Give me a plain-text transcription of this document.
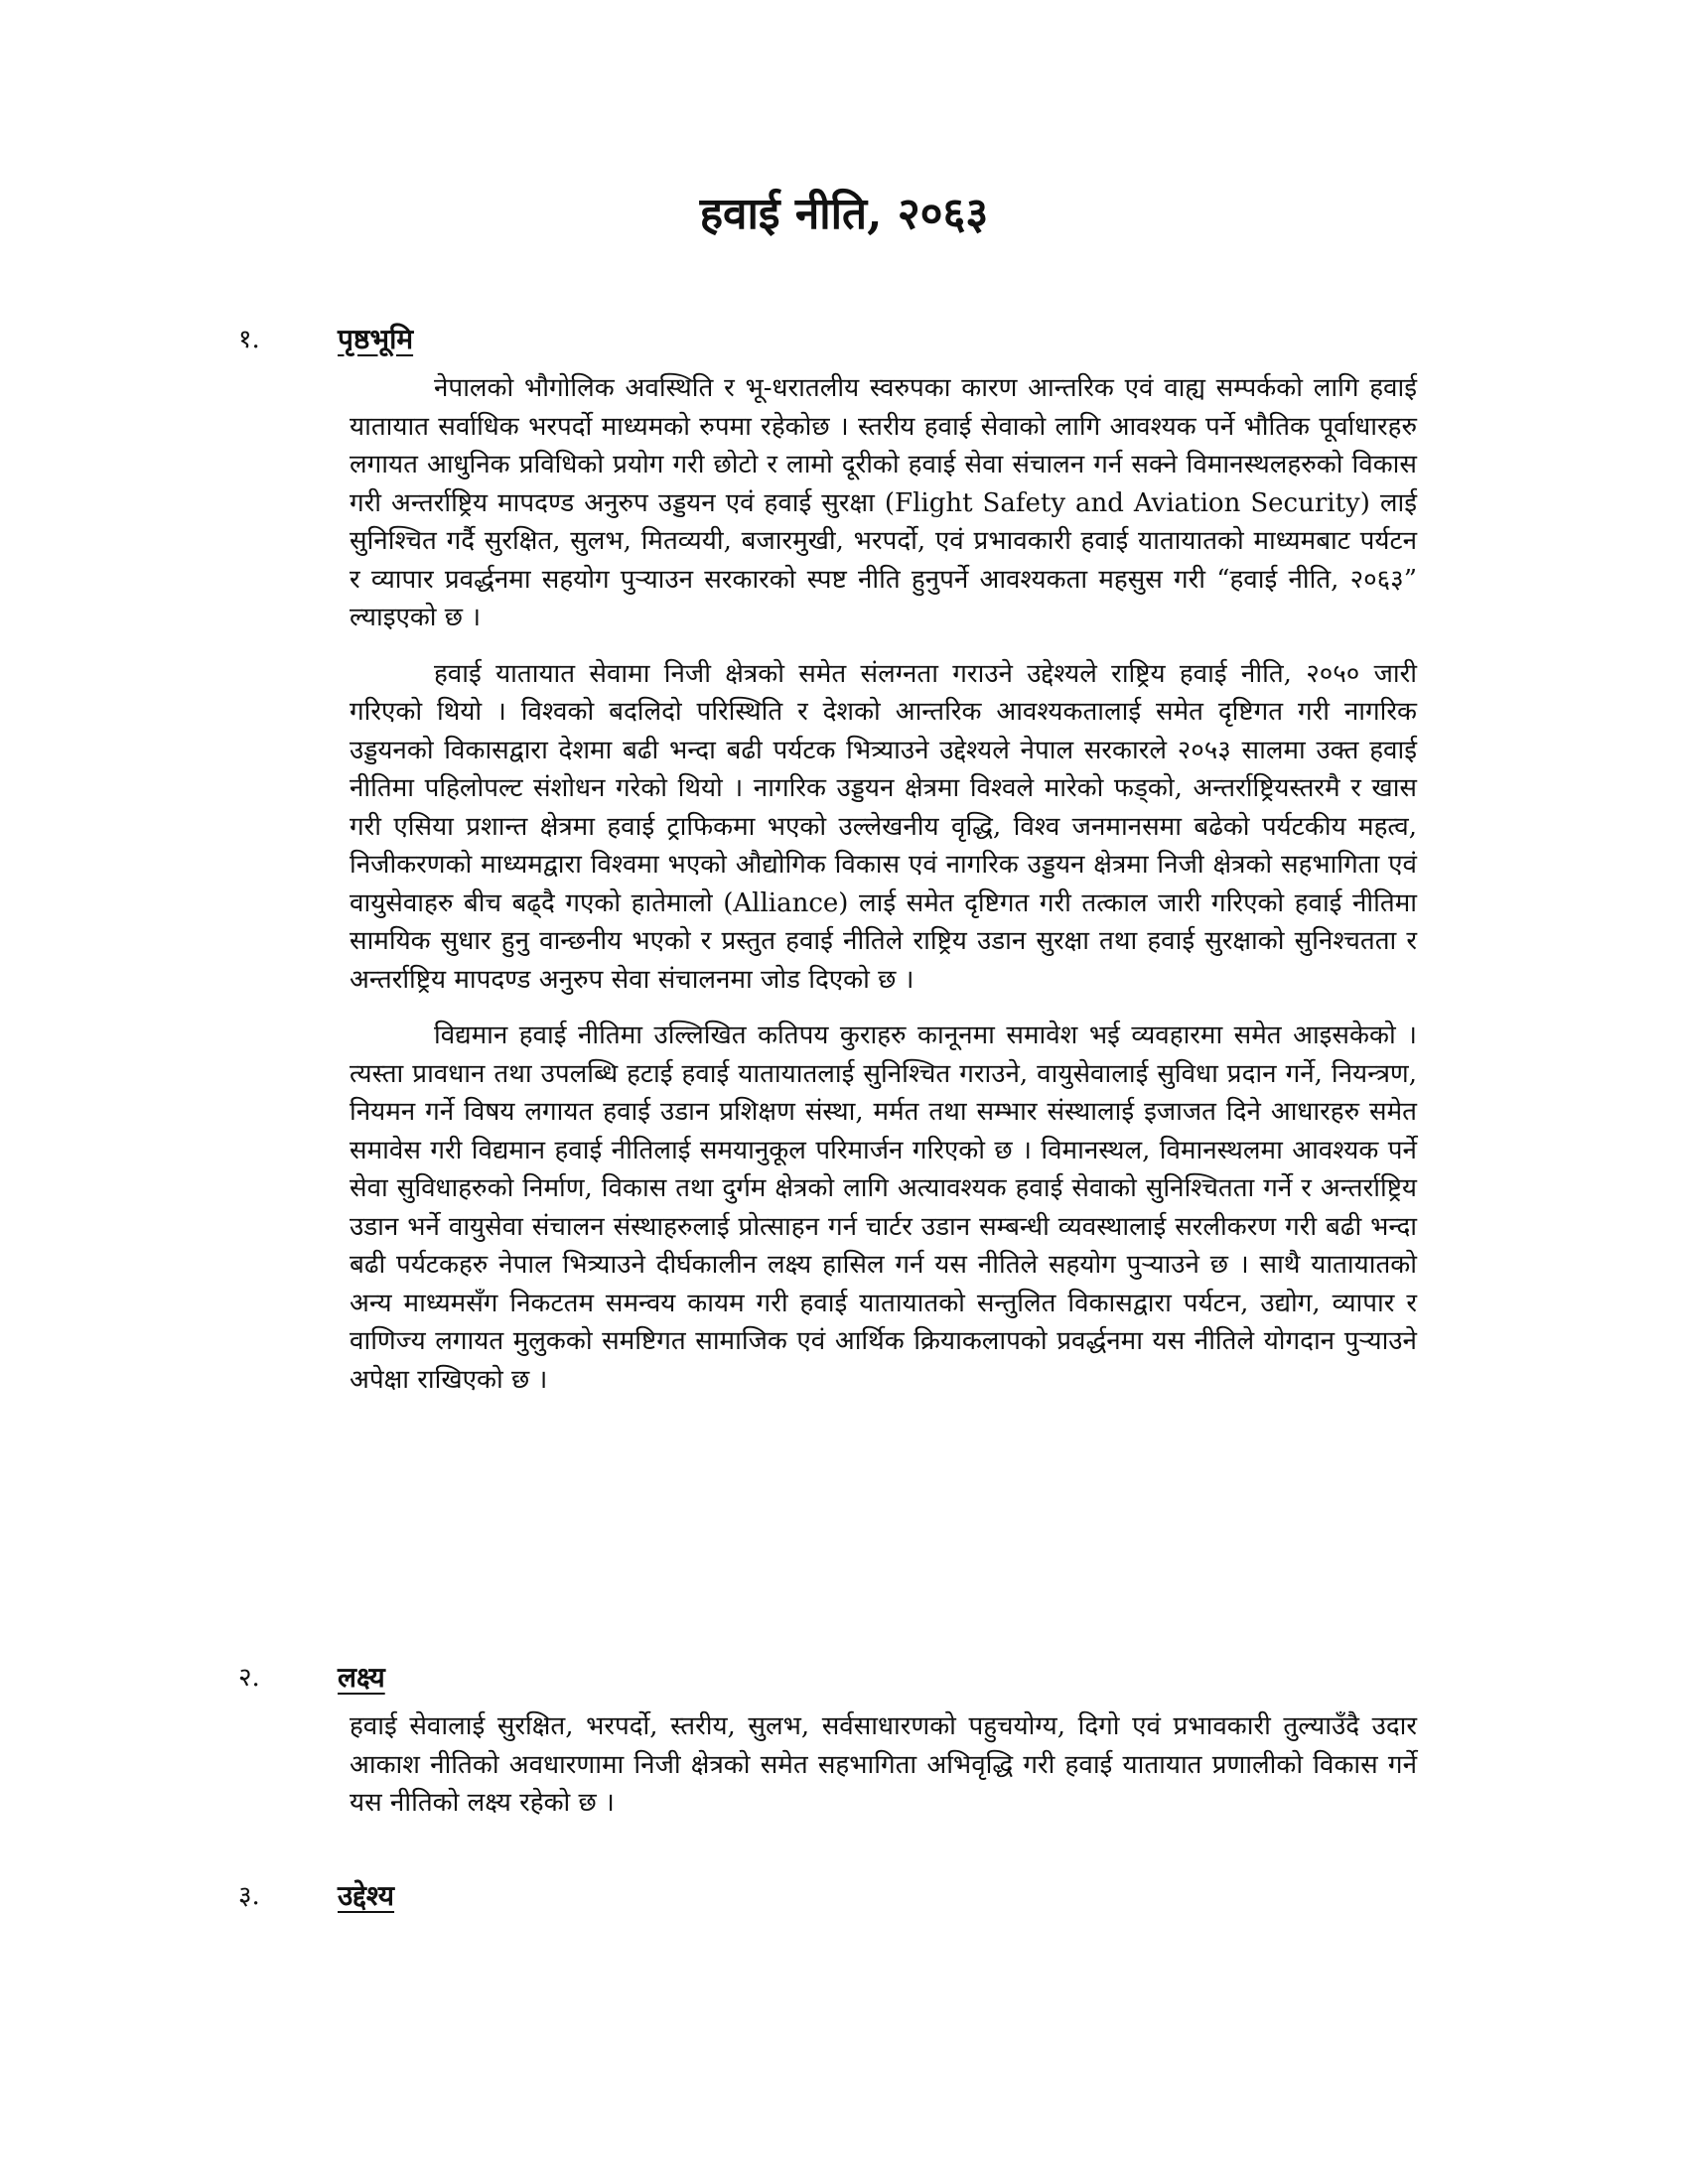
हवाई नीति, २०६३
१.	पृष्ठभूमि

नेपालको भौगोलिक अवस्थिति र भू-धरातलीय स्वरुपका कारण आन्तरिक एवं वाह्य सम्पर्कको लागि हवाई यातायात सर्वाधिक भरपर्दो माध्यमको रुपमा रहेकोछ । स्तरीय हवाई सेवाको लागि आवश्यक पर्ने भौतिक पूर्वाधारहरु लगायत आधुनिक प्रविधिको प्रयोग गरी छोटो र लामो दूरीको हवाई सेवा संचालन गर्न सक्ने विमानस्थलहरुको विकास गरी अन्तर्राष्ट्रिय मापदण्ड अनुरुप उड्डयन एवं हवाई सुरक्षा (Flight Safety and Aviation Security) लाई सुनिश्चित गर्दै सुरक्षित, सुलभ, मितव्ययी, बजारमुखी, भरपर्दो, एवं प्रभावकारी हवाई यातायातको माध्यमबाट पर्यटन र व्यापार प्रवर्द्धनमा सहयोग पुऱ्याउन सरकारको स्पष्ट नीति हुनुपर्ने आवश्यकता महसुस गरी “हवाई नीति, २०६३” ल्याइएको छ ।

हवाई यातायात सेवामा निजी क्षेत्रको समेत संलग्नता गराउने उद्देश्यले राष्ट्रिय हवाई नीति, २०५० जारी गरिएको थियो । विश्वको बदलिदो परिस्थिति र देशको आन्तरिक आवश्यकतालाई समेत दृष्टिगत गरी नागरिक उड्डयनको विकासद्वारा देशमा बढी भन्दा बढी पर्यटक भित्र्याउने उद्देश्यले नेपाल सरकारले २०५३ सालमा उक्त हवाई नीतिमा पहिलोपल्ट संशोधन गरेको थियो । नागरिक उड्डयन क्षेत्रमा विश्वले मारेको फड्को, अन्तर्राष्ट्रियस्तरमै र खास गरी एसिया प्रशान्त क्षेत्रमा हवाई ट्राफिकमा भएको उल्लेखनीय वृद्धि, विश्व जनमानसमा बढेको पर्यटकीय महत्व, निजीकरणको माध्यमद्वारा विश्वमा भएको औद्योगिक विकास एवं नागरिक उड्डयन क्षेत्रमा निजी क्षेत्रको सहभागिता एवं वायुसेवाहरु बीच बढ्दै गएको हातेमालो (Alliance) लाई समेत दृष्टिगत गरी तत्काल जारी गरिएको हवाई नीतिमा सामयिक सुधार हुनु वान्छनीय भएको र प्रस्तुत हवाई नीतिले राष्ट्रिय उडान सुरक्षा तथा हवाई सुरक्षाको सुनिश्चतता र अन्तर्राष्ट्रिय मापदण्ड अनुरुप सेवा संचालनमा जोड दिएको छ ।

विद्यमान हवाई नीतिमा उल्लिखित कतिपय कुराहरु कानूनमा समावेश भई व्यवहारमा समेत आइसकेको । त्यस्ता प्रावधान तथा उपलब्धि हटाई हवाई यातायातलाई सुनिश्चित गराउने, वायुसेवालाई सुविधा प्रदान गर्ने, नियन्त्रण, नियमन गर्ने विषय लगायत हवाई उडान प्रशिक्षण संस्था, मर्मत तथा सम्भार संस्थालाई इजाजत दिने आधारहरु समेत समावेस गरी विद्यमान हवाई नीतिलाई समयानुकूल परिमार्जन गरिएको छ । विमानस्थल, विमानस्थलमा आवश्यक पर्ने सेवा सुविधाहरुको निर्माण, विकास तथा दुर्गम क्षेत्रको लागि अत्यावश्यक हवाई सेवाको सुनिश्चितता गर्ने र अन्तर्राष्ट्रिय उडान भर्ने वायुसेवा संचालन संस्थाहरुलाई प्रोत्साहन गर्न चार्टर उडान सम्बन्धी व्यवस्थालाई सरलीकरण गरी बढी भन्दा बढी पर्यटकहरु नेपाल भित्र्याउने दीर्घकालीन लक्ष्य हासिल गर्न यस नीतिले सहयोग पुऱ्याउने छ । साथै यातायातको अन्य माध्यमसँग निकटतम समन्वय कायम गरी हवाई यातायातको सन्तुलित विकासद्वारा पर्यटन, उद्योग, व्यापार र वाणिज्य लगायत मुलुकको समष्टिगत सामाजिक एवं आर्थिक क्रियाकलापको प्रवर्द्धनमा यस नीतिले योगदान पुऱ्याउने अपेक्षा राखिएको छ ।

२.	लक्ष्य

हवाई सेवालाई सुरक्षित, भरपर्दो, स्तरीय, सुलभ, सर्वसाधारणको पहुचयोग्य, दिगो एवं प्रभावकारी तुल्याउँदै उदार आकाश नीतिको अवधारणामा निजी क्षेत्रको समेत सहभागिता अभिवृद्धि गरी हवाई यातायात प्रणालीको विकास गर्ने यस नीतिको लक्ष्य रहेको छ ।

३.	उद्देश्य
